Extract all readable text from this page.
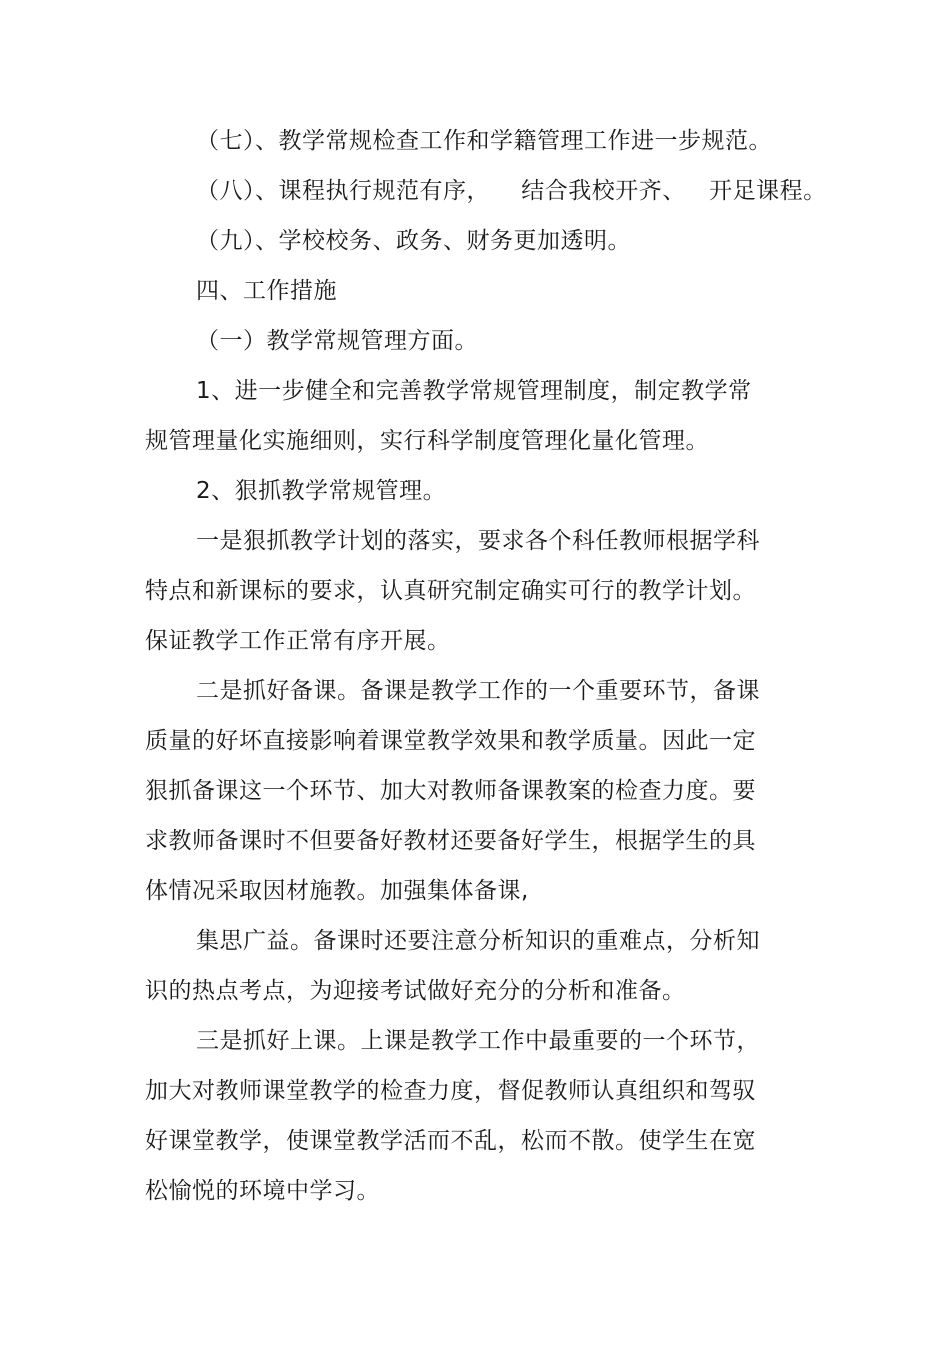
（七）、教学常规检查工作和学籍管理工作进一步规范。
（八）、课程执行规范有序，    结合我校开齐、   开足课程。
（九）、学校校务、政务、财务更加透明。
四、工作措施
（一）教学常规管理方面。
1、进一步健全和完善教学常规管理制度，制定教学常
规管理量化实施细则，实行科学制度管理化量化管理。
2、狠抓教学常规管理。
一是狠抓教学计划的落实，要求各个科任教师根据学科
特点和新课标的要求，认真研究制定确实可行的教学计划。
保证教学工作正常有序开展。
二是抓好备课。备课是教学工作的一个重要环节，备课
质量的好坏直接影响着课堂教学效果和教学质量。因此一定
狠抓备课这一个环节、加大对教师备课教案的检查力度。要
求教师备课时不但要备好教材还要备好学生，根据学生的具
体情况采取因材施教。加强集体备课,
集思广益。备课时还要注意分析知识的重难点，分析知
识的热点考点，为迎接考试做好充分的分析和准备。
三是抓好上课。上课是教学工作中最重要的一个环节，
加大对教师课堂教学的检查力度，督促教师认真组织和驾驭
好课堂教学，使课堂教学活而不乱，松而不散。使学生在宽
松愉悦的环境中学习。
